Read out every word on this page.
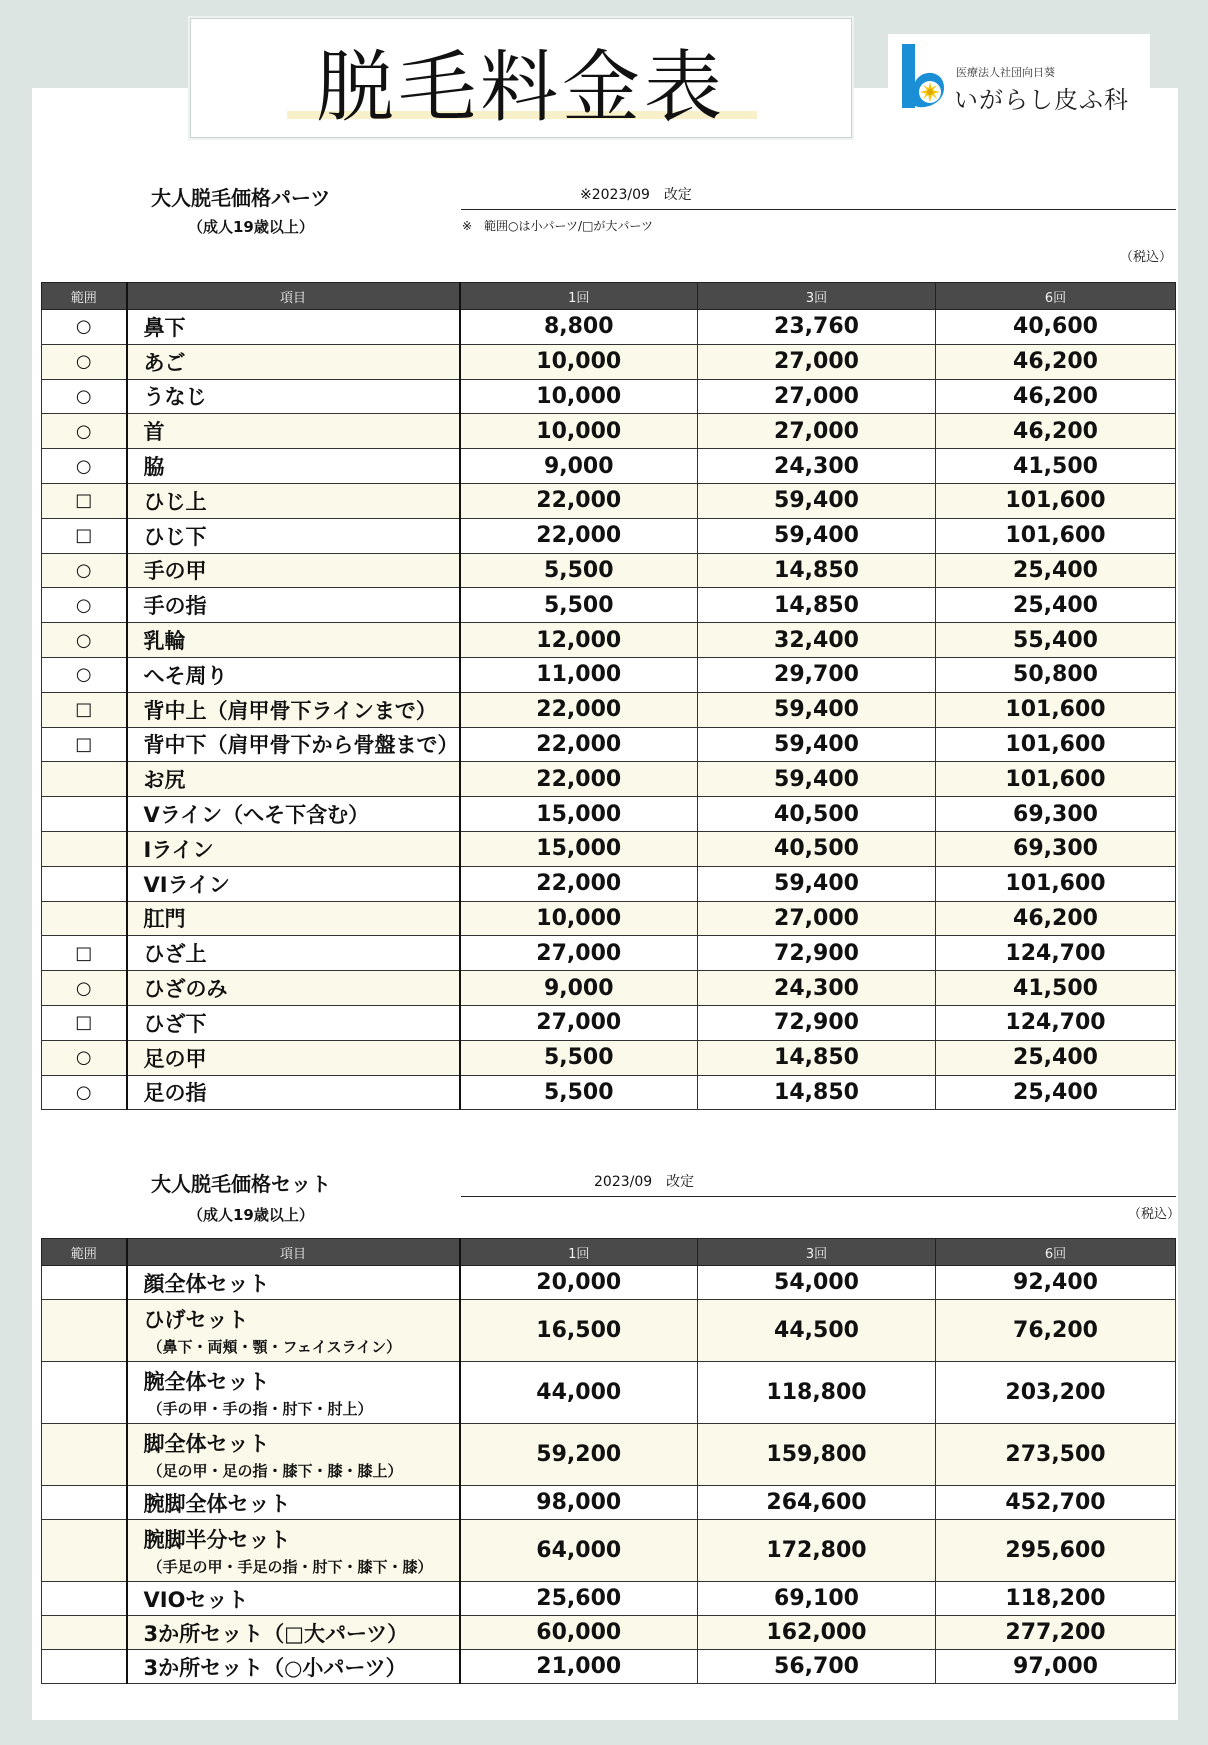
脱毛料金表	医療法人社団向日葵
いがらし皮ふ科
大人脱毛価格パーツ
（成人19歳以上）
※2023/09　改定
※　範囲○は小パーツ/□が大パーツ
（税込）
範囲	項目	1回	3回	6回
○	鼻下	8,800	23,760	40,600
○	あご	10,000	27,000	46,200
○	うなじ	10,000	27,000	46,200
○	首	10,000	27,000	46,200
○	脇	9,000	24,300	41,500
□	ひじ上	22,000	59,400	101,600
□	ひじ下	22,000	59,400	101,600
○	手の甲	5,500	14,850	25,400
○	手の指	5,500	14,850	25,400
○	乳輪	12,000	32,400	55,400
○	へそ周り	11,000	29,700	50,800
□	背中上（肩甲骨下ラインまで）	22,000	59,400	101,600
□	背中下（肩甲骨下から骨盤まで）	22,000	59,400	101,600
	お尻	22,000	59,400	101,600
	Vライン（へそ下含む）	15,000	40,500	69,300
	Iライン	15,000	40,500	69,300
	VIライン	22,000	59,400	101,600
	肛門	10,000	27,000	46,200
□	ひざ上	27,000	72,900	124,700
○	ひざのみ	9,000	24,300	41,500
□	ひざ下	27,000	72,900	124,700
○	足の甲	5,500	14,850	25,400
○	足の指	5,500	14,850	25,400
大人脱毛価格セット
（成人19歳以上）
2023/09　改定
（税込）
範囲	項目	1回	3回	6回
	顔全体セット	20,000	54,000	92,400
	ひげセット
（鼻下・両頬・顎・フェイスライン）	16,500	44,500	76,200
	腕全体セット
（手の甲・手の指・肘下・肘上）	44,000	118,800	203,200
	脚全体セット
（足の甲・足の指・膝下・膝・膝上）	59,200	159,800	273,500
	腕脚全体セット	98,000	264,600	452,700
	腕脚半分セット
（手足の甲・手足の指・肘下・膝下・膝）	64,000	172,800	295,600
	VIOセット	25,600	69,100	118,200
	3か所セット（□大パーツ）	60,000	162,000	277,200
	3か所セット（○小パーツ）	21,000	56,700	97,000
